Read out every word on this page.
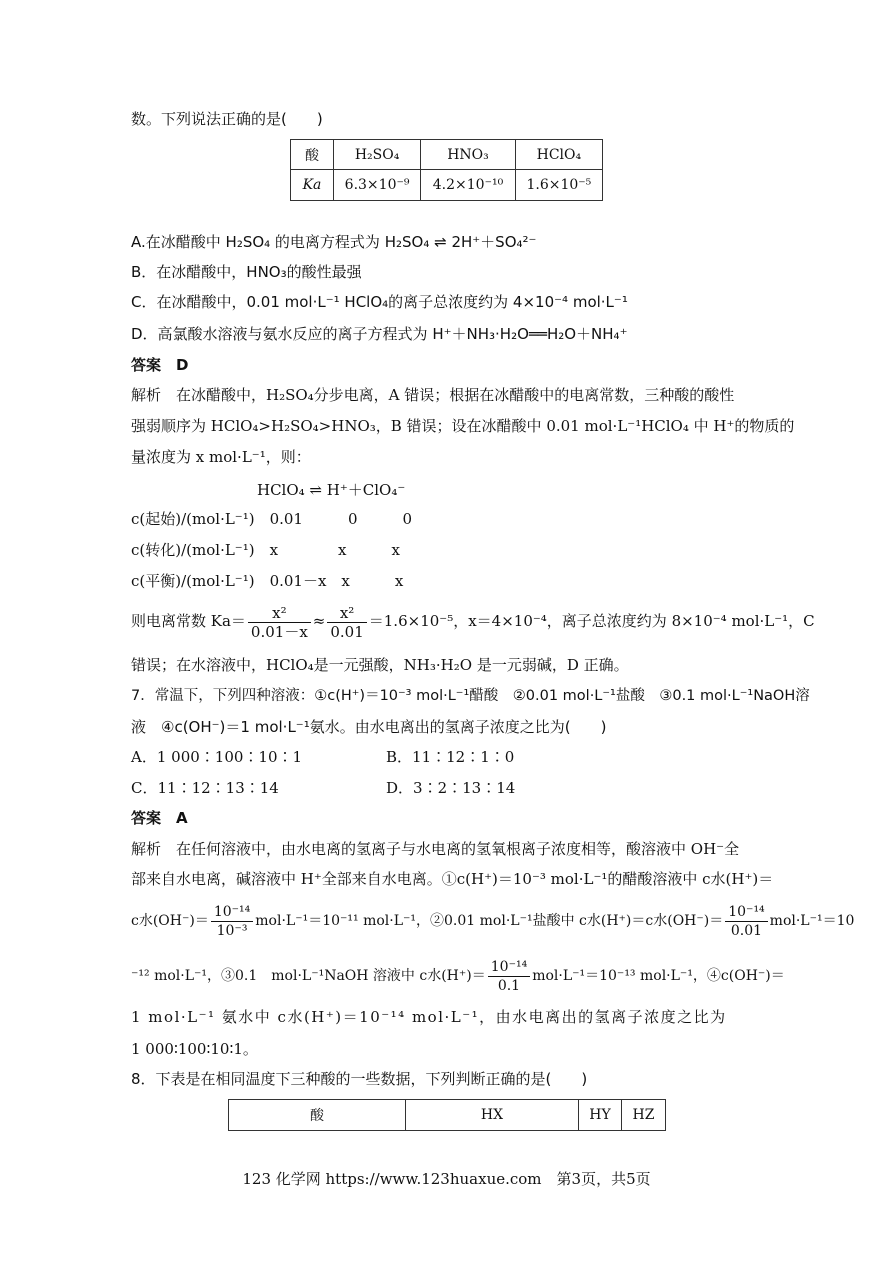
数。下列说法正确的是(　　)
酸	H₂SO₄	HNO₃	HClO₄
Ka	6.3×10⁻⁹	4.2×10⁻¹⁰	1.6×10⁻⁵
A.在冰醋酸中 H₂SO₄ 的电离方程式为 H₂SO₄ ⇌ 2H⁺＋SO₄²⁻
B．在冰醋酸中，HNO₃的酸性最强
C．在冰醋酸中，0.01 mol·L⁻¹ HClO₄的离子总浓度约为 4×10⁻⁴ mol·L⁻¹
D．高氯酸水溶液与氨水反应的离子方程式为 H⁺＋NH₃·H₂O══H₂O＋NH₄⁺
答案　D
解析　在冰醋酸中，H₂SO₄分步电离，A 错误；根据在冰醋酸中的电离常数，三种酸的酸性
强弱顺序为 HClO₄>H₂SO₄>HNO₃，B 错误；设在冰醋酸中 0.01 mol·L⁻¹HClO₄ 中 H⁺的物质的
量浓度为 x mol·L⁻¹，则：
HClO₄ ⇌ H⁺＋ClO₄⁻
c(起始)/(mol·L⁻¹)　0.01　　　0　　　0
c(转化)/(mol·L⁻¹)　x　　　　x　　　x
c(平衡)/(mol·L⁻¹)　0.01－x　x　　　x
则电离常数 $Ka= \frac{\text{x²}}{0.01-x} \approx \frac{\text{x²}}{0.01} =1.6\times 10^{-5}$，x＝4×10⁻⁴，离子总浓度约为 8×10⁻⁴ mol·L⁻¹，C
错误；在水溶液中，HClO₄是一元强酸，NH₃·H₂O 是一元弱碱，D 正确。
7．常温下，下列四种溶液：①c(H⁺)＝10⁻³ mol·L⁻¹醋酸　②0.01 mol·L⁻¹盐酸　③0.1 mol·L⁻¹NaOH溶
液　④c(OH⁻)＝1 mol·L⁻¹氨水。由水电离出的氢离子浓度之比为(　　)
A．1 000∶100∶10∶1	B．11∶12∶1∶0
C．11∶12∶13∶14	D．3∶2∶13∶14
答案　A
解析　在任何溶液中，由水电离的氢离子与水电离的氢氧根离子浓度相等，酸溶液中 OH⁻全
部来自水电离，碱溶液中 H⁺全部来自水电离。①c(H⁺)＝10⁻³ mol·L⁻¹的醋酸溶液中 c水(H⁺)＝
c水$(OH^-)= \frac{\text{10⁻¹⁴}}{\text{10⁻³}} mol\cdot L^{-1}=10^{-11}$ mol·L⁻¹，②0.01 mol·L⁻¹盐酸中 c水(H⁺)＝c水$(OH^-)= \frac{\text{10⁻¹⁴}}{0.01} mol\cdot L^{-1}=10$
⁻¹² mol·L⁻¹，③0.1　mol·L⁻¹NaOH 溶液中 c水$(H^+)= \frac{\text{10⁻¹⁴}}{0.1} mol\cdot L^{-1}=10^{-13}$ mol·L⁻¹，④c(OH⁻)＝
1 mol·L⁻¹ 氨水中 c水(H⁺)＝10⁻¹⁴ mol·L⁻¹，由水电离出的氢离子浓度之比为
1 000∶100∶10∶1。
8．下表是在相同温度下三种酸的一些数据，下列判断正确的是(　　)
酸	HX	HY	HZ
123 化学网 https://www.123huaxue.com　第3页，共5页
